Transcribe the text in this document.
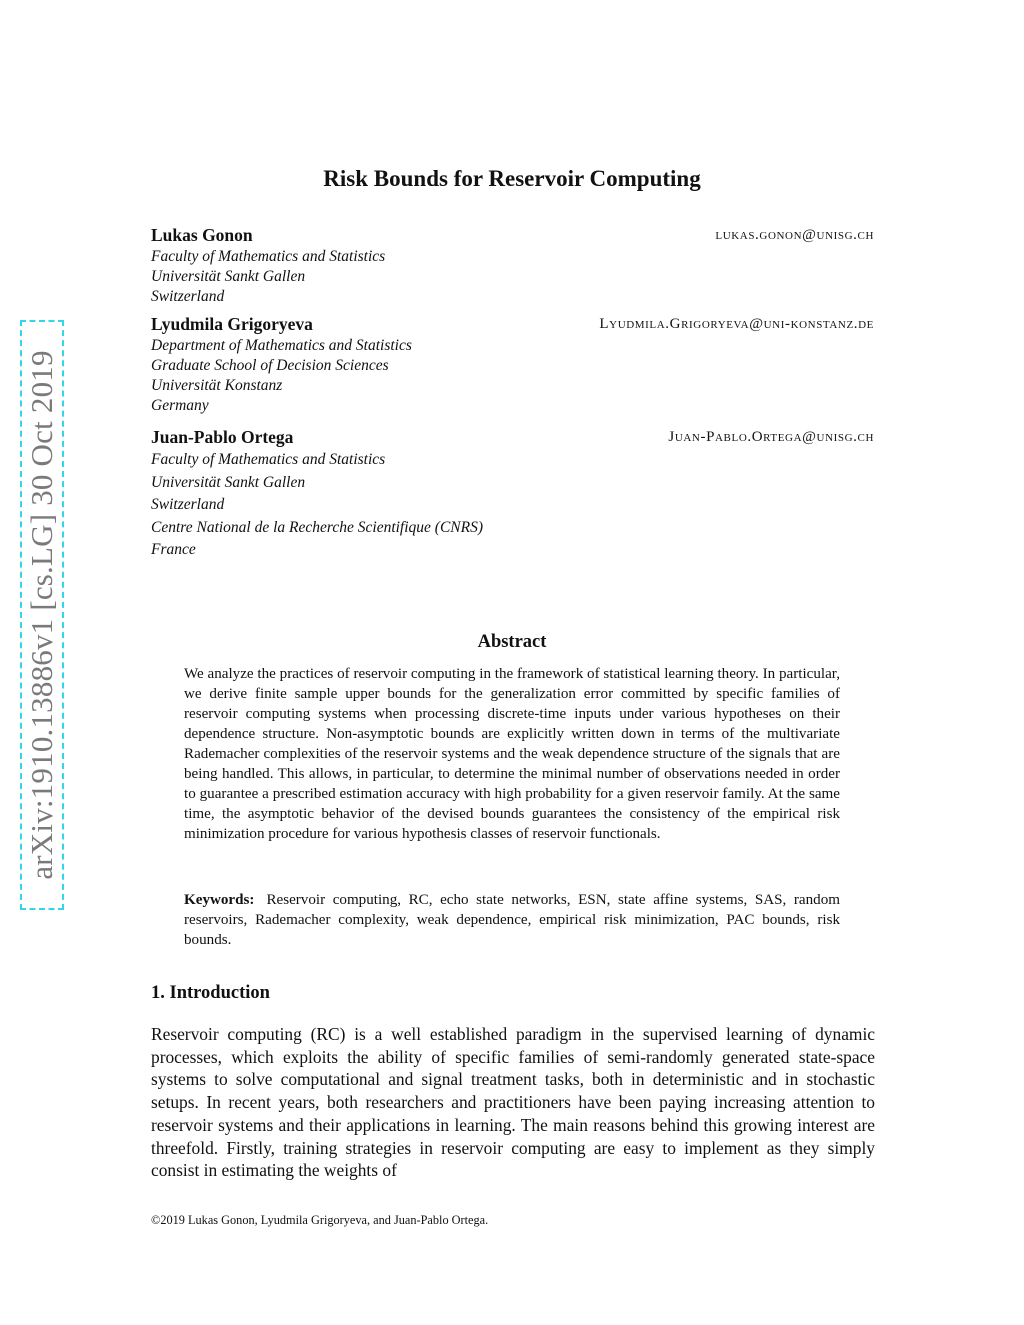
arXiv:1910.13886v1 [cs.LG] 30 Oct 2019
Risk Bounds for Reservoir Computing
Lukas Gonon	lukas.gonon@unisg.ch
Faculty of Mathematics and Statistics
Universität Sankt Gallen
Switzerland
Lyudmila Grigoryeva	Lyudmila.Grigoryeva@uni-konstanz.de
Department of Mathematics and Statistics
Graduate School of Decision Sciences
Universität Konstanz
Germany
Juan-Pablo Ortega	Juan-Pablo.Ortega@unisg.ch
Faculty of Mathematics and Statistics
Universität Sankt Gallen
Switzerland
Centre National de la Recherche Scientifique (CNRS)
France
Abstract
We analyze the practices of reservoir computing in the framework of statistical learning theory. In particular, we derive finite sample upper bounds for the generalization error committed by specific families of reservoir computing systems when processing discrete-time inputs under various hypotheses on their dependence structure. Non-asymptotic bounds are explicitly written down in terms of the multivariate Rademacher complexities of the reservoir systems and the weak dependence structure of the signals that are being handled. This allows, in particular, to determine the minimal number of observations needed in order to guarantee a prescribed estimation accuracy with high probability for a given reservoir family. At the same time, the asymptotic behavior of the devised bounds guarantees the consistency of the empirical risk minimization procedure for various hypothesis classes of reservoir functionals.
Keywords: Reservoir computing, RC, echo state networks, ESN, state affine systems, SAS, random reservoirs, Rademacher complexity, weak dependence, empirical risk minimization, PAC bounds, risk bounds.
1. Introduction
Reservoir computing (RC) is a well established paradigm in the supervised learning of dynamic processes, which exploits the ability of specific families of semi-randomly generated state-space systems to solve computational and signal treatment tasks, both in deterministic and in stochastic setups. In recent years, both researchers and practitioners have been paying increasing attention to reservoir systems and their applications in learning. The main reasons behind this growing interest are threefold. Firstly, training strategies in reservoir computing are easy to implement as they simply consist in estimating the weights of
©2019 Lukas Gonon, Lyudmila Grigoryeva, and Juan-Pablo Ortega.
